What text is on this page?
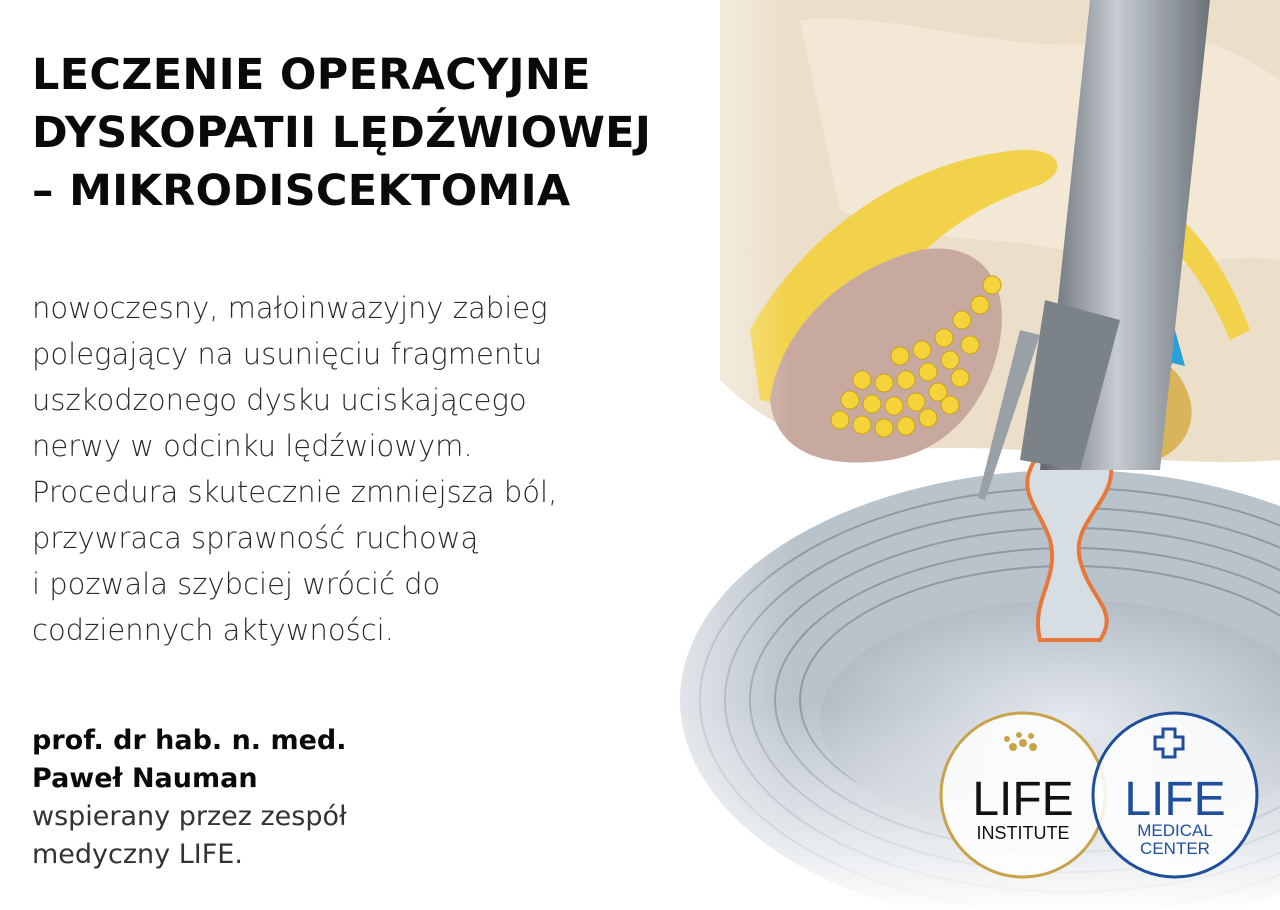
LECZENIE OPERACYJNE
DYSKOPATII LĘDŹWIOWEJ
– MIKRODISCEKTOMIA

nowoczesny, małoinwazyjny zabieg
polegający na usunięciu fragmentu
uszkodzonego dysku uciskającego
nerwy w odcinku lędźwiowym.
Procedura skutecznie zmniejsza ból,
przywraca sprawność ruchową
i pozwala szybciej wrócić do
codziennych aktywności.

prof. dr hab. n. med.
Paweł Nauman
wspierany przez zespół
medyczny LIFE.
LIFE
INSTITUTE
LIFE
MEDICAL
CENTER
